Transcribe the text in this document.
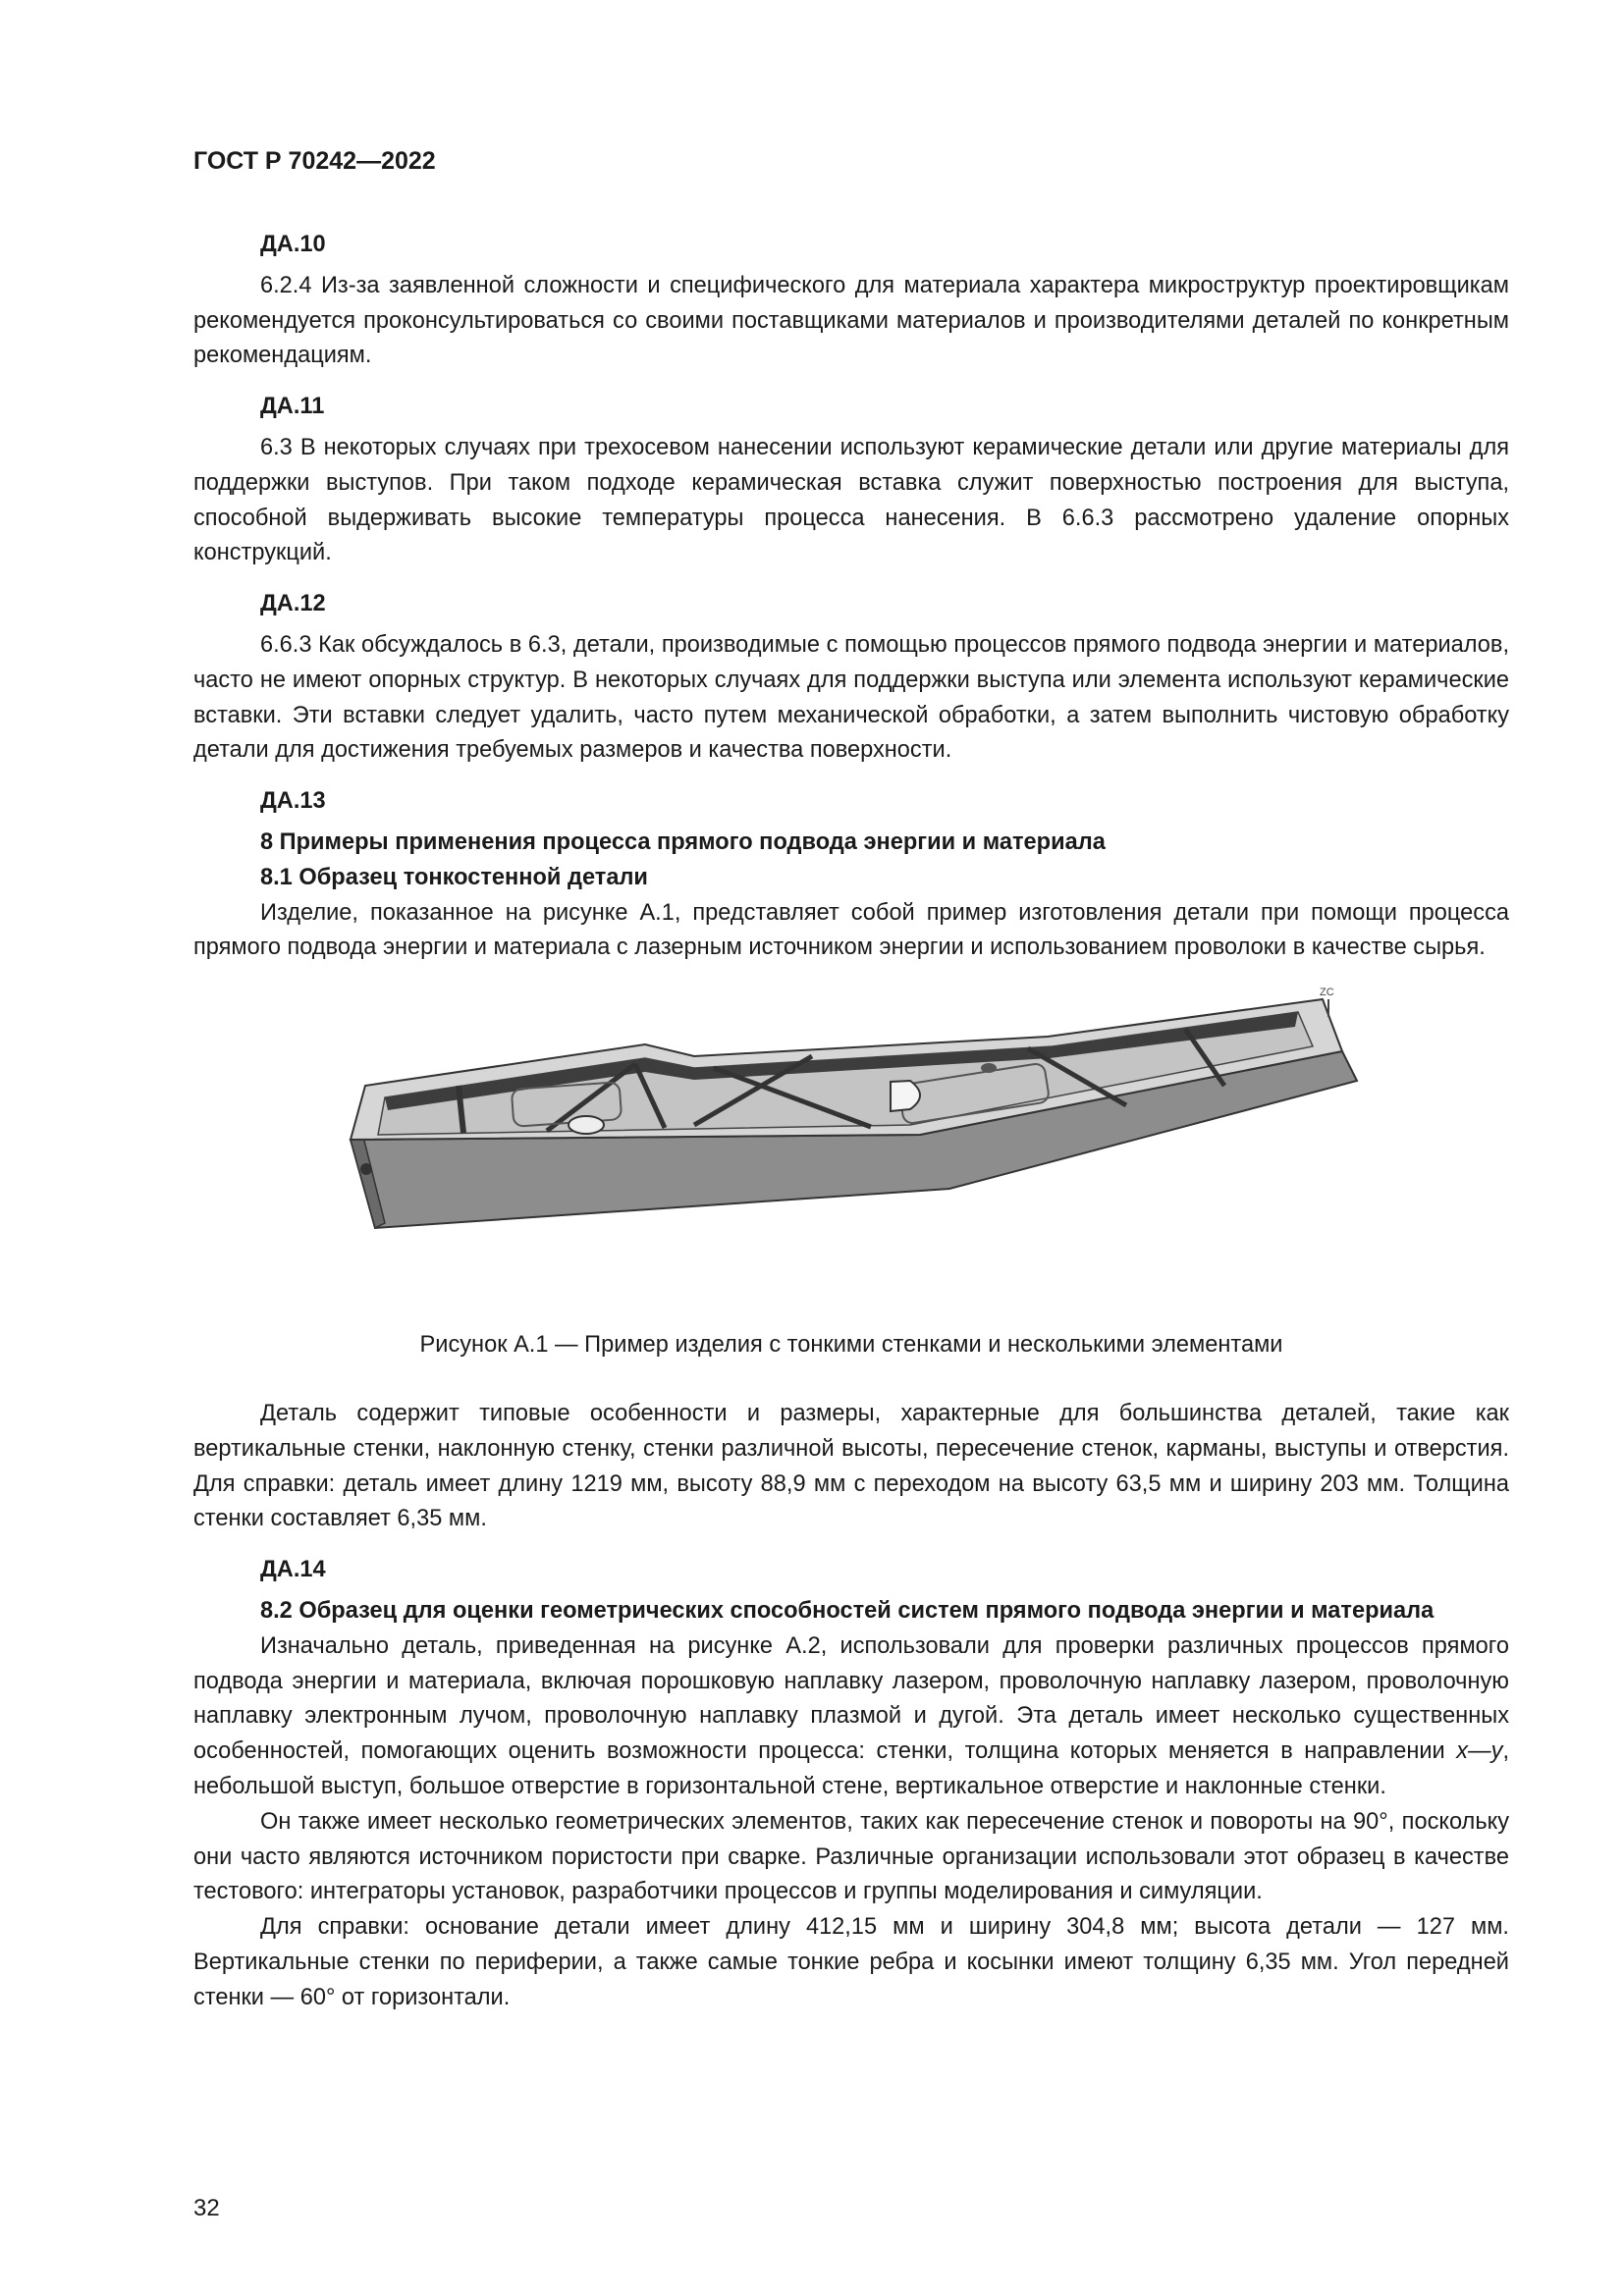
ГОСТ Р 70242—2022

ДА.10

6.2.4 Из-за заявленной сложности и специфического для материала характера микроструктур проектировщикам рекомендуется проконсультироваться со своими поставщиками материалов и производителями деталей по конкретным рекомендациям.

ДА.11

6.3 В некоторых случаях при трехосевом нанесении используют керамические детали или другие материалы для поддержки выступов. При таком подходе керамическая вставка служит поверхностью построения для выступа, способной выдерживать высокие температуры процесса нанесения. В 6.6.3 рассмотрено удаление опорных конструкций.

ДА.12

6.6.3 Как обсуждалось в 6.3, детали, производимые с помощью процессов прямого подвода энергии и материалов, часто не имеют опорных структур. В некоторых случаях для поддержки выступа или элемента используют керамические вставки. Эти вставки следует удалить, часто путем механической обработки, а затем выполнить чистовую обработку детали для достижения требуемых размеров и качества поверхности.

ДА.13

8 Примеры применения процесса прямого подвода энергии и материала

8.1 Образец тонкостенной детали

Изделие, показанное на рисунке А.1, представляет собой пример изготовления детали при помощи процесса прямого подвода энергии и материала с лазерным источником энергии и использованием проволоки в качестве сырья.

ZC

Рисунок А.1 — Пример изделия с тонкими стенками и несколькими элементами

Деталь содержит типовые особенности и размеры, характерные для большинства деталей, такие как вертикальные стенки, наклонную стенку, стенки различной высоты, пересечение стенок, карманы, выступы и отверстия. Для справки: деталь имеет длину 1219 мм, высоту 88,9 мм с переходом на высоту 63,5 мм и ширину 203 мм. Толщина стенки составляет 6,35 мм.

ДА.14

8.2 Образец для оценки геометрических способностей систем прямого подвода энергии и материала

Изначально деталь, приведенная на рисунке А.2, использовали для проверки различных процессов прямого подвода энергии и материала, включая порошковую наплавку лазером, проволочную наплавку лазером, проволочную наплавку электронным лучом, проволочную наплавку плазмой и дугой. Эта деталь имеет несколько существенных особенностей, помогающих оценить возможности процесса: стенки, толщина которых меняется в направлении x—y, небольшой выступ, большое отверстие в горизонтальной стене, вертикальное отверстие и наклонные стенки.

Он также имеет несколько геометрических элементов, таких как пересечение стенок и повороты на 90°, поскольку они часто являются источником пористости при сварке. Различные организации использовали этот образец в качестве тестового: интеграторы установок, разработчики процессов и группы моделирования и симуляции.

Для справки: основание детали имеет длину 412,15 мм и ширину 304,8 мм; высота детали — 127 мм. Вертикальные стенки по периферии, а также самые тонкие ребра и косынки имеют толщину 6,35 мм. Угол передней стенки — 60° от горизонтали.

32
